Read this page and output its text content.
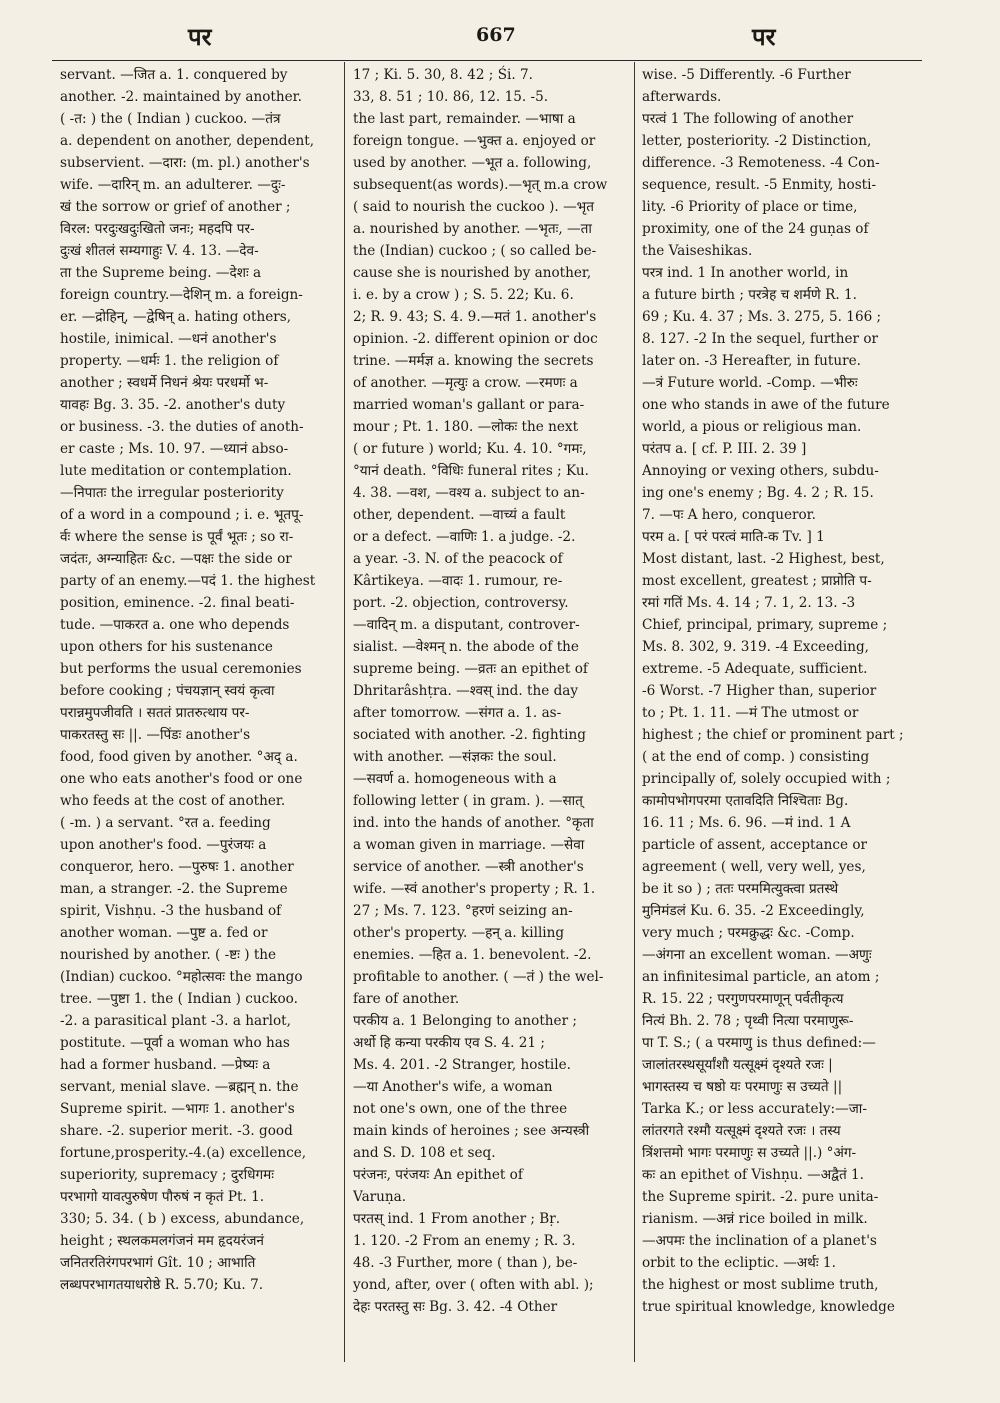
पर	667	पर
servant. —जित a. 1. conquered by
another. -2. maintained by another.
( -त: ) the ( Indian ) cuckoo. —तंत्र
a. dependent on another, dependent,
subservient. —दारा: (m. pl.) another's
wife. —दारिन् m. an adulterer. —दुः-
खं the sorrow or grief of another ;
विरल: परदुःखदुःखितो जनः; महदपि पर-
दुःखं शीतलं सम्यगाहुः V. 4. 13. —देव-
ता the Supreme being. —देशः a
foreign country.—देशिन् m. a foreign-
er. —द्रोहिन्, —द्वेषिन् a. hating others,
hostile, inimical. —धनं another's
property. —धर्मः 1. the religion of
another ; स्वधर्मे निधनं श्रेयः परधर्मो भ-
यावहः Bg. 3. 35. -2. another's duty
or business. -3. the duties of anoth-
er caste ; Ms. 10. 97. —ध्यानं abso-
lute meditation or contemplation.
—निपातः the irregular posteriority
of a word in a compound ; i. e. भूतपू-
र्वः where the sense is पूर्वं भूतः ; so रा-
जदंतः, अग्न्याहितः &c. —पक्षः the side or
party of an enemy.—पदं 1. the highest
position, eminence. -2. final beati-
tude. —पाकरत a. one who depends
upon others for his sustenance
but performs the usual ceremonies
before cooking ; पंचयज्ञान् स्वयं कृत्वा
परान्नमुपजीवति । सततं प्रातरुत्थाय पर-
पाकरतस्तु सः ||. —पिंडः another's
food, food given by another. °अद् a.
one who eats another's food or one
who feeds at the cost of another.
( -m. ) a servant. °रत a. feeding
upon another's food. —पुरंजयः a
conqueror, hero. —पुरुषः 1. another
man, a stranger. -2. the Supreme
spirit, Vishṇu. -3 the husband of
another woman. —पुष्ट a. fed or
nourished by another. ( -ष्टः ) the
(Indian) cuckoo. °महोत्सवः the mango
tree. —पुष्टा 1. the ( Indian ) cuckoo.
-2. a parasitical plant -3. a harlot,
postitute. —पूर्वा a woman who has
had a former husband. —प्रेष्यः a
servant, menial slave. —ब्रह्मन् n. the
Supreme spirit. —भागः 1. another's
share. -2. superior merit. -3. good
fortune,prosperity.-4.(a) excellence,
superiority, supremacy ; दुरधिगमः
परभागो यावत्पुरुषेण पौरुषं न कृतं Pt. 1.
330; 5. 34. ( b ) excess, abundance,
height ; स्थलकमलगंजनं मम हृदयरंजनं
जनितरतिरंगपरभागं Gît. 10 ; आभाति
लब्धपरभागतयाधरोष्ठे R. 5.70; Ku. 7.
17 ; Ki. 5. 30, 8. 42 ; Śi. 7.
33, 8. 51 ; 10. 86, 12. 15. -5.
the last part, remainder. —भाषा a
foreign tongue. —भुक्त a. enjoyed or
used by another. —भूत a. following,
subsequent(as words).—भृत् m.a crow
( said to nourish the cuckoo ). —भृत
a. nourished by another. —भृतः, —ता
the (Indian) cuckoo ; ( so called be-
cause she is nourished by another,
i. e. by a crow ) ; S. 5. 22; Ku. 6.
2; R. 9. 43; S. 4. 9.—मतं 1. another's
opinion. -2. different opinion or doc
trine. —मर्मज्ञ a. knowing the secrets
of another. —मृत्युः a crow. —रमणः a
married woman's gallant or para-
mour ; Pt. 1. 180. —लोकः the next
( or future ) world; Ku. 4. 10. °गमः,
°यानं death. °विधिः funeral rites ; Ku.
4. 38. —वश, —वश्य a. subject to an-
other, dependent. —वाच्यं a fault
or a defect. —वाणिः 1. a judge. -2.
a year. -3. N. of the peacock of
Kârtikeya. —वादः 1. rumour, re-
port. -2. objection, controversy.
—वादिन् m. a disputant, controver-
sialist. —वेश्मन् n. the abode of the
supreme being. —व्रतः an epithet of
Dhritarâshṭra. —श्वस् ind. the day
after tomorrow. —संगत a. 1. as-
sociated with another. -2. fighting
with another. —संज्ञकः the soul.
—सवर्ण a. homogeneous with a
following letter ( in gram. ). —सात्
ind. into the hands of another. °कृता
a woman given in marriage. —सेवा
service of another. —स्त्री another's
wife. —स्वं another's property ; R. 1.
27 ; Ms. 7. 123. °हरणं seizing an-
other's property. —हन् a. killing
enemies. —हित a. 1. benevolent. -2.
profitable to another. ( —तं ) the wel-
fare of another.
परकीय a. 1 Belonging to another ;
अर्थो हि कन्या परकीय एव S. 4. 21 ;
Ms. 4. 201. -2 Stranger, hostile.
—या Another's wife, a woman
not one's own, one of the three
main kinds of heroines ; see अन्यस्त्री
and S. D. 108 et seq.
परंजनः, परंजयः An epithet of
Varuṇa.
परतस् ind. 1 From another ; Bṛ.
1. 120. -2 From an enemy ; R. 3.
48. -3 Further, more ( than ), be-
yond, after, over ( often with abl. );
देहः परतस्तु सः Bg. 3. 42. -4 Other
wise. -5 Differently. -6 Further
afterwards.
परत्वं 1 The following of another
letter, posteriority. -2 Distinction,
difference. -3 Remoteness. -4 Con-
sequence, result. -5 Enmity, hosti-
lity. -6 Priority of place or time,
proximity, one of the 24 guṇas of
the Vaiseshikas.
परत्र ind. 1 In another world, in
a future birth ; परत्रेह च शर्मणे R. 1.
69 ; Ku. 4. 37 ; Ms. 3. 275, 5. 166 ;
8. 127. -2 In the sequel, further or
later on. -3 Hereafter, in future.
—त्रं Future world. -Comp. —भीरुः
one who stands in awe of the future
world, a pious or religious man.
परंतप a. [ cf. P. III. 2. 39 ]
Annoying or vexing others, subdu-
ing one's enemy ; Bg. 4. 2 ; R. 15.
7. —पः A hero, conqueror.
परम a. [ परं परत्वं माति-क Tv. ] 1
Most distant, last. -2 Highest, best,
most excellent, greatest ; प्राप्नोति प-
रमां गतिं Ms. 4. 14 ; 7. 1, 2. 13. -3
Chief, principal, primary, supreme ;
Ms. 8. 302, 9. 319. -4 Exceeding,
extreme. -5 Adequate, sufficient.
-6 Worst. -7 Higher than, superior
to ; Pt. 1. 11. —मं The utmost or
highest ; the chief or prominent part ;
( at the end of comp. ) consisting
principally of, solely occupied with ;
कामोपभोगपरमा एतावदिति निश्चिताः Bg.
16. 11 ; Ms. 6. 96. —मं ind. 1 A
particle of assent, acceptance or
agreement ( well, very well, yes,
be it so ) ; ततः परममित्युक्त्वा प्रतस्थे
मुनिमंडलं Ku. 6. 35. -2 Exceedingly,
very much ; परमक्रुद्धः &c. -Comp.
—अंगना an excellent woman. —अणुः
an infinitesimal particle, an atom ;
R. 15. 22 ; परगुणपरमाणून् पर्वतीकृत्य
नित्यं Bh. 2. 78 ; पृथ्वी नित्या परमाणुरू-
पा T. S.; ( a परमाणु is thus defined:—
जालांतरस्थसूर्यांशौ यत्सूक्ष्मं दृश्यते रजः |
भागस्तस्य च षष्ठो यः परमाणुः स उच्यते ||
Tarka K.; or less accurately:—जा-
लांतरगते रश्मौ यत्सूक्ष्मं दृश्यते रजः । तस्य
त्रिंशत्तमो भागः परमाणुः स उच्यते ||.) °अंग-
कः an epithet of Vishṇu. —अद्वैतं 1.
the Supreme spirit. -2. pure unita-
rianism. —अन्नं rice boiled in milk.
—अपमः the inclination of a planet's
orbit to the ecliptic. —अर्थः 1.
the highest or most sublime truth,
true spiritual knowledge, knowledge
